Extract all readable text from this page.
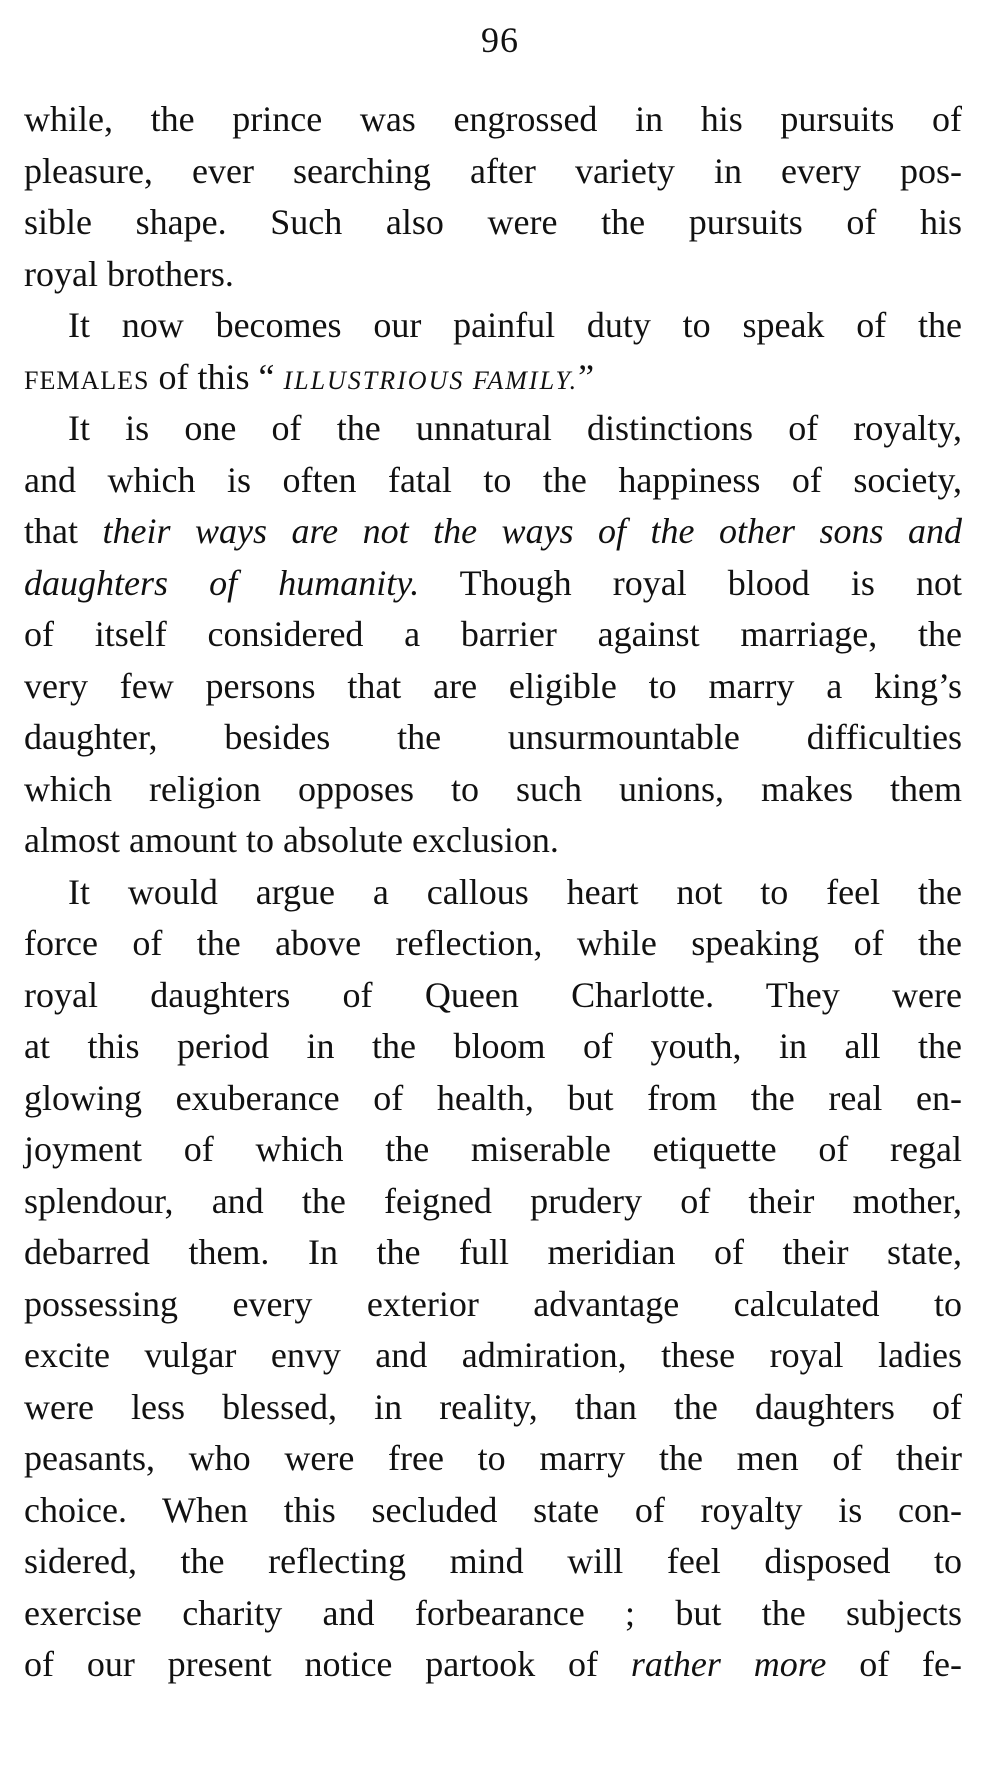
96
while, the prince was engrossed in his pursuits of
pleasure, ever searching after variety in every pos-
sible shape. Such also were the pursuits of his
royal brothers.
It now becomes our painful duty to speak of the
FEMALES of this “ ILLUSTRIOUS FAMILY.”
It is one of the unnatural distinctions of royalty,
and which is often fatal to the happiness of society,
that their ways are not the ways of the other sons and
daughters of humanity. Though royal blood is not
of itself considered a barrier against marriage, the
very few persons that are eligible to marry a king’s
daughter, besides the unsurmountable difficulties
which religion opposes to such unions, makes them
almost amount to absolute exclusion.
It would argue a callous heart not to feel the
force of the above reflection, while speaking of the
royal daughters of Queen Charlotte. They were
at this period in the bloom of youth, in all the
glowing exuberance of health, but from the real en-
joyment of which the miserable etiquette of regal
splendour, and the feigned prudery of their mother,
debarred them. In the full meridian of their state,
possessing every exterior advantage calculated to
excite vulgar envy and admiration, these royal ladies
were less blessed, in reality, than the daughters of
peasants, who were free to marry the men of their
choice. When this secluded state of royalty is con-
sidered, the reflecting mind will feel disposed to
exercise charity and forbearance ; but the subjects
of our present notice partook of rather more of fe-
